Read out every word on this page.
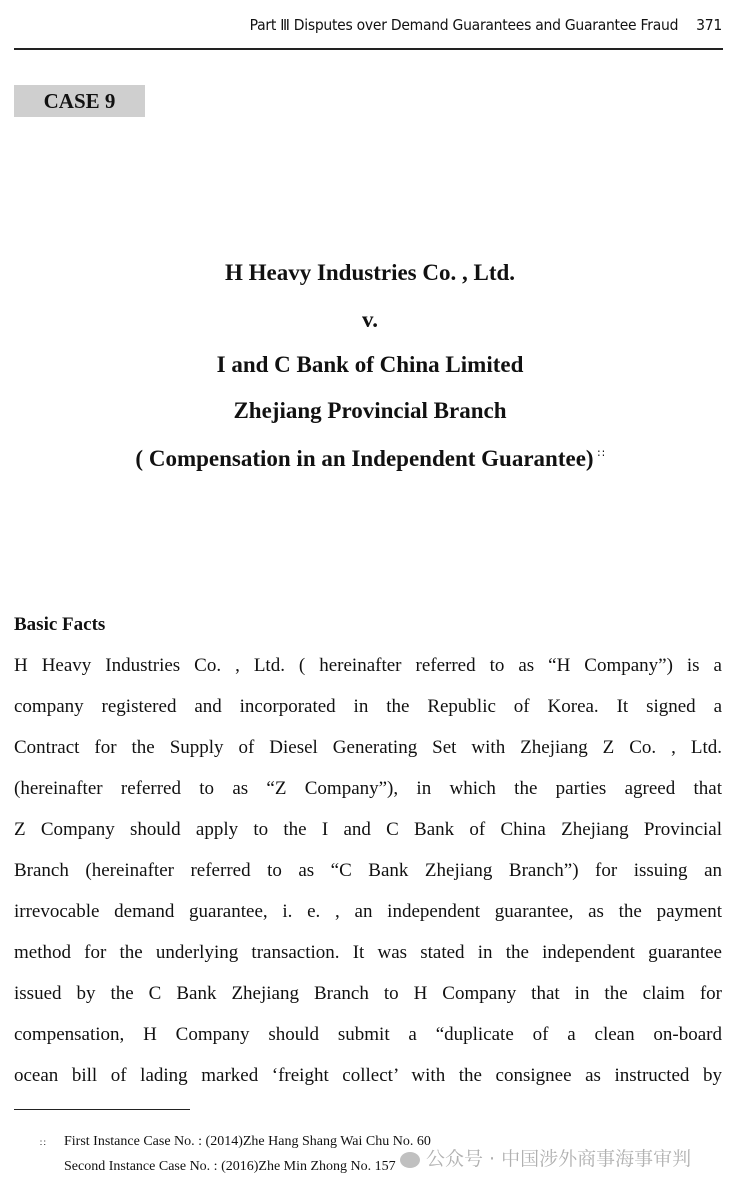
Part Ⅲ Disputes over Demand Guarantees and Guarantee Fraud 371
CASE 9
H Heavy Industries Co. , Ltd.
v.
I and C Bank of China Limited
Zhejiang Provincial Branch
( Compensation in an Independent Guarantee) ∷
Basic Facts
H Heavy Industries Co. , Ltd. ( hereinafter referred to as “H Company”) is a
company registered and incorporated in the Republic of Korea. It signed a
Contract for the Supply of Diesel Generating Set with Zhejiang Z Co. , Ltd.
(hereinafter referred to as “Z Company”), in which the parties agreed that
Z Company should apply to the I and C Bank of China Zhejiang Provincial
Branch (hereinafter referred to as “C Bank Zhejiang Branch”) for issuing an
irrevocable demand guarantee, i. e. , an independent guarantee, as the payment
method for the underlying transaction. It was stated in the independent guarantee
issued by the C Bank Zhejiang Branch to H Company that in the claim for
compensation, H Company should submit a “duplicate of a clean on-board
ocean bill of lading marked ‘freight collect’ with the consignee as instructed by
∷ First Instance Case No. : (2014)Zhe Hang Shang Wai Chu No. 60
Second Instance Case No. : (2016)Zhe Min Zhong No. 157	公众号 · 中国涉外商事海事审判
